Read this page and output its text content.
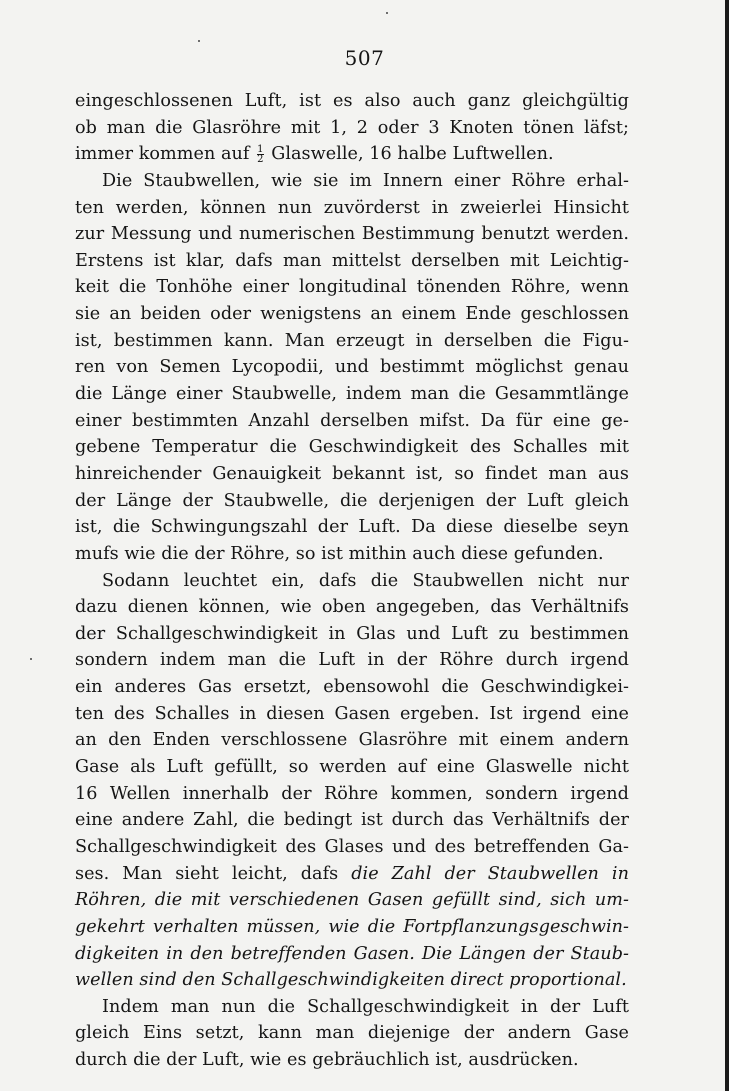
507
eingeschlossenen Luft, ist es also auch ganz gleichgültig
ob man die Glasröhre mit 1, 2 oder 3 Knoten tönen läfst;
immer kommen auf $\frac{1}{2}$ Glaswelle, 16 halbe Luftwellen.
Die Staubwellen, wie sie im Innern einer Röhre erhal-
ten werden, können nun zuvörderst in zweierlei Hinsicht
zur Messung und numerischen Bestimmung benutzt werden.
Erstens ist klar, dafs man mittelst derselben mit Leichtig-
keit die Tonhöhe einer longitudinal tönenden Röhre, wenn
sie an beiden oder wenigstens an einem Ende geschlossen
ist, bestimmen kann. Man erzeugt in derselben die Figu-
ren von Semen Lycopodii, und bestimmt möglichst genau
die Länge einer Staubwelle, indem man die Gesammtlänge
einer bestimmten Anzahl derselben mifst. Da für eine ge-
gebene Temperatur die Geschwindigkeit des Schalles mit
hinreichender Genauigkeit bekannt ist, so findet man aus
der Länge der Staubwelle, die derjenigen der Luft gleich
ist, die Schwingungszahl der Luft. Da diese dieselbe seyn
mufs wie die der Röhre, so ist mithin auch diese gefunden.
Sodann leuchtet ein, dafs die Staubwellen nicht nur
dazu dienen können, wie oben angegeben, das Verhältnifs
der Schallgeschwindigkeit in Glas und Luft zu bestimmen
sondern indem man die Luft in der Röhre durch irgend
ein anderes Gas ersetzt, ebensowohl die Geschwindigkei-
ten des Schalles in diesen Gasen ergeben. Ist irgend eine
an den Enden verschlossene Glasröhre mit einem andern
Gase als Luft gefüllt, so werden auf eine Glaswelle nicht
16 Wellen innerhalb der Röhre kommen, sondern irgend
eine andere Zahl, die bedingt ist durch das Verhältnifs der
Schallgeschwindigkeit des Glases und des betreffenden Ga-
ses. Man sieht leicht, dafs die Zahl der Staubwellen in
Röhren, die mit verschiedenen Gasen gefüllt sind, sich um-
gekehrt verhalten müssen, wie die Fortpflanzungsgeschwin-
digkeiten in den betreffenden Gasen. Die Längen der Staub-
wellen sind den Schallgeschwindigkeiten direct proportional.
Indem man nun die Schallgeschwindigkeit in der Luft
gleich Eins setzt, kann man diejenige der andern Gase
durch die der Luft, wie es gebräuchlich ist, ausdrücken.
